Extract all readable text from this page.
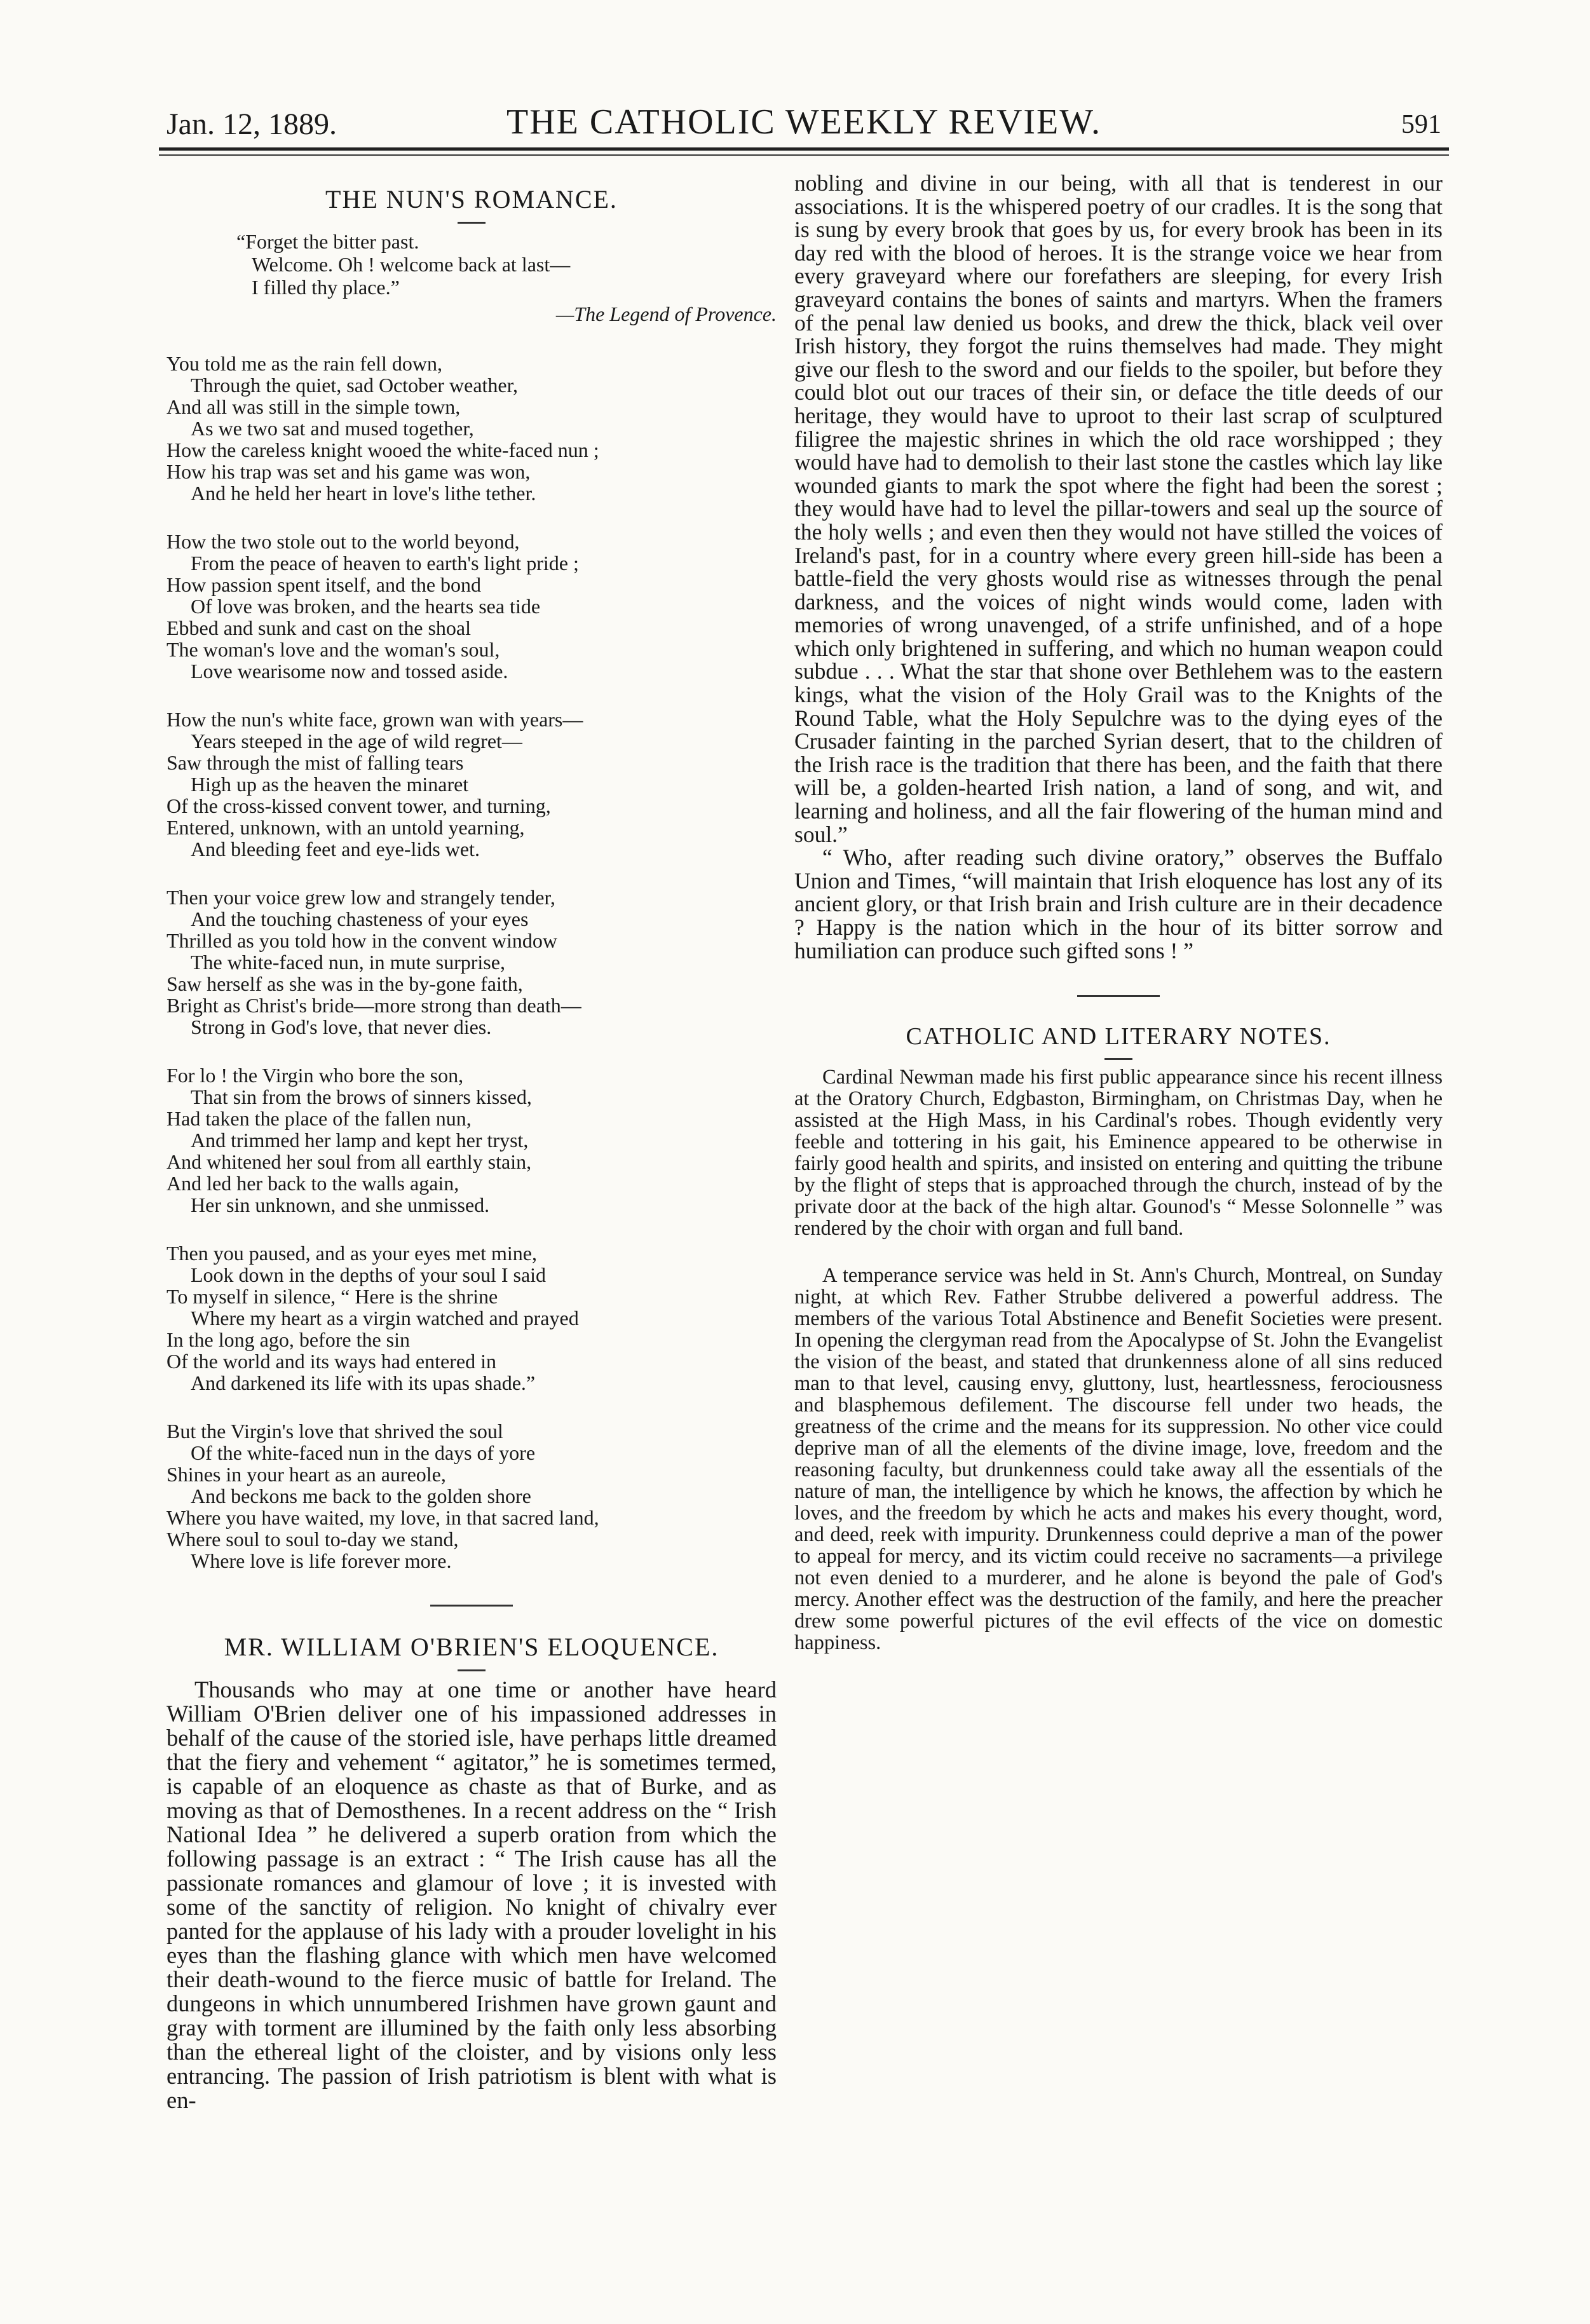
Jan. 12, 1889.	THE CATHOLIC WEEKLY REVIEW.	591
THE NUN'S ROMANCE.
“Forget the bitter past.
Welcome. Oh ! welcome back at last—
I filled thy place.”
—The Legend of Provence.
You told me as the rain fell down,
Through the quiet, sad October weather,
And all was still in the simple town,
As we two sat and mused together,
How the careless knight wooed the white-faced nun ;
How his trap was set and his game was won,
And he held her heart in love's lithe tether.
How the two stole out to the world beyond,
From the peace of heaven to earth's light pride ;
How passion spent itself, and the bond
Of love was broken, and the hearts sea tide
Ebbed and sunk and cast on the shoal
The woman's love and the woman's soul,
Love wearisome now and tossed aside.
How the nun's white face, grown wan with years—
Years steeped in the age of wild regret—
Saw through the mist of falling tears
High up as the heaven the minaret
Of the cross-kissed convent tower, and turning,
Entered, unknown, with an untold yearning,
And bleeding feet and eye-lids wet.
Then your voice grew low and strangely tender,
And the touching chasteness of your eyes
Thrilled as you told how in the convent window
The white-faced nun, in mute surprise,
Saw herself as she was in the by-gone faith,
Bright as Christ's bride—more strong than death—
Strong in God's love, that never dies.
For lo ! the Virgin who bore the son,
That sin from the brows of sinners kissed,
Had taken the place of the fallen nun,
And trimmed her lamp and kept her tryst,
And whitened her soul from all earthly stain,
And led her back to the walls again,
Her sin unknown, and she unmissed.
Then you paused, and as your eyes met mine,
Look down in the depths of your soul I said
To myself in silence, “ Here is the shrine
Where my heart as a virgin watched and prayed
In the long ago, before the sin
Of the world and its ways had entered in
And darkened its life with its upas shade.”
But the Virgin's love that shrived the soul
Of the white-faced nun in the days of yore
Shines in your heart as an aureole,
And beckons me back to the golden shore
Where you have waited, my love, in that sacred land,
Where soul to soul to-day we stand,
Where love is life forever more.
MR. WILLIAM O'BRIEN'S ELOQUENCE.

Thousands who may at one time or another have heard William O'Brien deliver one of his impassioned addresses in behalf of the cause of the storied isle, have perhaps little dreamed that the fiery and vehement “ agitator,” he is sometimes termed, is capable of an eloquence as chaste as that of Burke, and as moving as that of Demosthenes. In a recent address on the “ Irish National Idea ” he delivered a superb oration from which the following passage is an extract : “ The Irish cause has all the passionate romances and glamour of love ; it is invested with some of the sanctity of religion. No knight of chivalry ever panted for the applause of his lady with a prouder lovelight in his eyes than the flashing glance with which men have welcomed their death-wound to the fierce music of battle for Ireland. The dungeons in which unnumbered Irishmen have grown gaunt and gray with torment are illumined by the faith only less absorbing than the ethereal light of the cloister, and by visions only less entrancing. The passion of Irish patriotism is blent with what is en-

nobling and divine in our being, with all that is tenderest in our associations. It is the whispered poetry of our cradles. It is the song that is sung by every brook that goes by us, for every brook has been in its day red with the blood of heroes. It is the strange voice we hear from every graveyard where our forefathers are sleeping, for every Irish graveyard contains the bones of saints and martyrs. When the framers of the penal law denied us books, and drew the thick, black veil over Irish history, they forgot the ruins themselves had made. They might give our flesh to the sword and our fields to the spoiler, but before they could blot out our traces of their sin, or deface the title deeds of our heritage, they would have to uproot to their last scrap of sculptured filigree the majestic shrines in which the old race worshipped ; they would have had to demolish to their last stone the castles which lay like wounded giants to mark the spot where the fight had been the sorest ; they would have had to level the pillar-towers and seal up the source of the holy wells ; and even then they would not have stilled the voices of Ireland's past, for in a country where every green hill-side has been a battle-field the very ghosts would rise as witnesses through the penal darkness, and the voices of night winds would come, laden with memories of wrong unavenged, of a strife unfinished, and of a hope which only brightened in suffering, and which no human weapon could subdue . . . What the star that shone over Bethlehem was to the eastern kings, what the vision of the Holy Grail was to the Knights of the Round Table, what the Holy Sepulchre was to the dying eyes of the Crusader fainting in the parched Syrian desert, that to the children of the Irish race is the tradition that there has been, and the faith that there will be, a golden-hearted Irish nation, a land of song, and wit, and learning and holiness, and all the fair flowering of the human mind and soul.”

“ Who, after reading such divine oratory,” observes the Buffalo Union and Times, “will maintain that Irish eloquence has lost any of its ancient glory, or that Irish brain and Irish culture are in their decadence ? Happy is the nation which in the hour of its bitter sorrow and humiliation can produce such gifted sons ! ”

CATHOLIC AND LITERARY NOTES.

Cardinal Newman made his first public appearance since his recent illness at the Oratory Church, Edgbaston, Birmingham, on Christmas Day, when he assisted at the High Mass, in his Cardinal's robes. Though evidently very feeble and tottering in his gait, his Eminence appeared to be otherwise in fairly good health and spirits, and insisted on entering and quitting the tribune by the flight of steps that is approached through the church, instead of by the private door at the back of the high altar. Gounod's “ Messe Solonnelle ” was rendered by the choir with organ and full band.

A temperance service was held in St. Ann's Church, Montreal, on Sunday night, at which Rev. Father Strubbe delivered a powerful address. The members of the various Total Abstinence and Benefit Societies were present. In opening the clergyman read from the Apocalypse of St. John the Evangelist the vision of the beast, and stated that drunkenness alone of all sins reduced man to that level, causing envy, gluttony, lust, heartlessness, ferociousness and blasphemous defilement. The discourse fell under two heads, the greatness of the crime and the means for its suppression. No other vice could deprive man of all the elements of the divine image, love, freedom and the reasoning faculty, but drunkenness could take away all the essentials of the nature of man, the intelligence by which he knows, the affection by which he loves, and the freedom by which he acts and makes his every thought, word, and deed, reek with impurity. Drunkenness could deprive a man of the power to appeal for mercy, and its victim could receive no sacraments—a privilege not even denied to a murderer, and he alone is beyond the pale of God's mercy. Another effect was the destruction of the family, and here the preacher drew some powerful pictures of the evil effects of the vice on domestic happiness.
